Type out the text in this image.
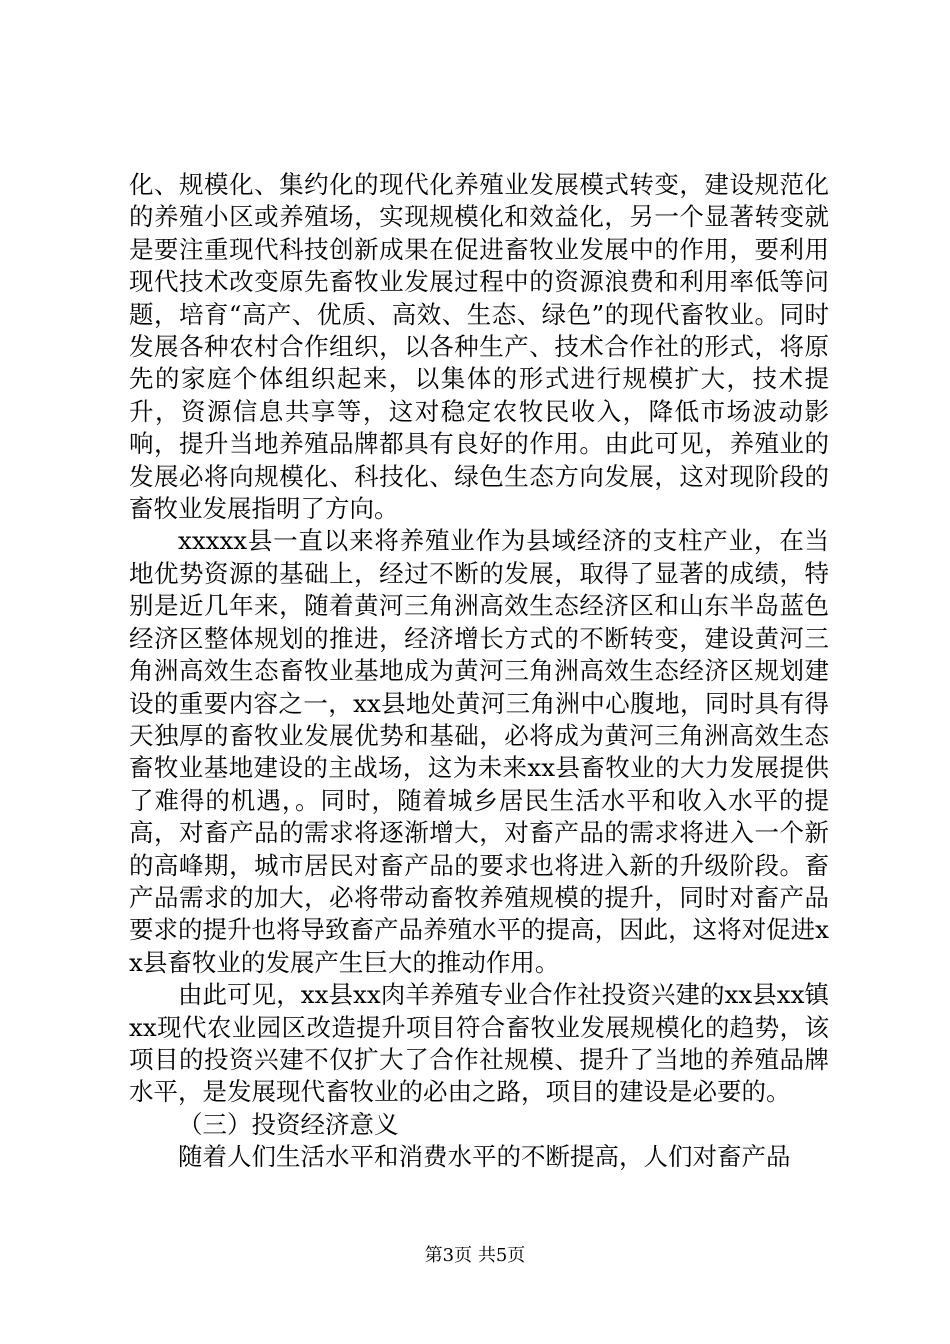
化、规模化、集约化的现代化养殖业发展模式转变，建设规范化的养殖小区或养殖场，实现规模化和效益化，另一个显著转变就是要注重现代科技创新成果在促进畜牧业发展中的作用，要利用现代技术改变原先畜牧业发展过程中的资源浪费和利用率低等问题，培育“高产、优质、高效、生态、绿色”的现代畜牧业。同时发展各种农村合作组织，以各种生产、技术合作社的形式，将原先的家庭个体组织起来，以集体的形式进行规模扩大，技术提升，资源信息共享等，这对稳定农牧民收入，降低市场波动影响，提升当地养殖品牌都具有良好的作用。由此可见，养殖业的发展必将向规模化、科技化、绿色生态方向发展，这对现阶段的畜牧业发展指明了方向。

xxxxx县一直以来将养殖业作为县域经济的支柱产业，在当地优势资源的基础上，经过不断的发展，取得了显著的成绩，特别是近几年来，随着黄河三角洲高效生态经济区和山东半岛蓝色经济区整体规划的推进，经济增长方式的不断转变，建设黄河三角洲高效生态畜牧业基地成为黄河三角洲高效生态经济区规划建设的重要内容之一，xx县地处黄河三角洲中心腹地，同时具有得天独厚的畜牧业发展优势和基础，必将成为黄河三角洲高效生态畜牧业基地建设的主战场，这为未来xx县畜牧业的大力发展提供了难得的机遇，。同时，随着城乡居民生活水平和收入水平的提高，对畜产品的需求将逐渐增大，对畜产品的需求将进入一个新的高峰期，城市居民对畜产品的要求也将进入新的升级阶段。畜产品需求的加大，必将带动畜牧养殖规模的提升，同时对畜产品要求的提升也将导致畜产品养殖水平的提高，因此，这将对促进xx县畜牧业的发展产生巨大的推动作用。

由此可见，xx县xx肉羊养殖专业合作社投资兴建的xx县xx镇xx现代农业园区改造提升项目符合畜牧业发展规模化的趋势，该项目的投资兴建不仅扩大了合作社规模、提升了当地的养殖品牌水平，是发展现代畜牧业的必由之路，项目的建设是必要的。

（三）投资经济意义

随着人们生活水平和消费水平的不断提高，人们对畜产品

第3页 共5页
